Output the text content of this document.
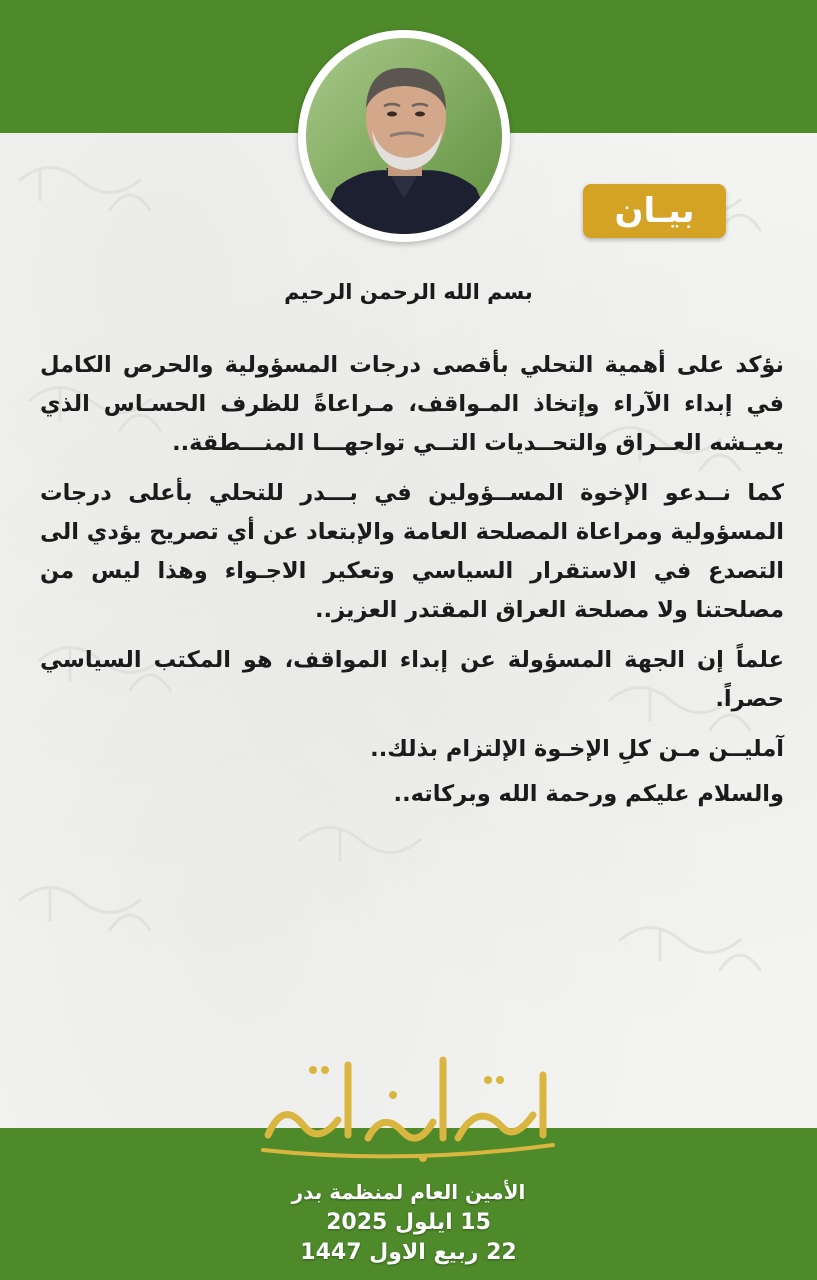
بيـان
بسم الله الرحمن الرحيم

نؤكد على أهمية التحلي بأقصى درجات المسؤولية والحرص الكامل في إبداء الآراء وإتخاذ المـواقف، مـراعاةً للظرف الحسـاس الذي يعيـشه العــراق والتحــديات التــي تواجهـــا المنـــطقة..

كما نــدعو الإخوة المســؤولين في بـــدر للتحلي بأعلى درجات المسؤولية ومراعاة المصلحة العامة والإبتعاد عن أي تصريح يؤدي الى التصدع في الاستقرار السياسي وتعكير الاجـواء وهذا ليس من مصلحتنا ولا مصلحة العراق المقتدر العزيز..

علماً إن الجهة المسؤولة عن إبداء المواقف، هو المكتب السياسي حصراً.

آمليــن مـن كلِ الإخـوة الإلتزام بذلك..

والسلام عليكم ورحمة الله وبركاته..

الأمين العام لمنظمة بدر
15 ايلول 2025
22 ربيع الاول 1447
